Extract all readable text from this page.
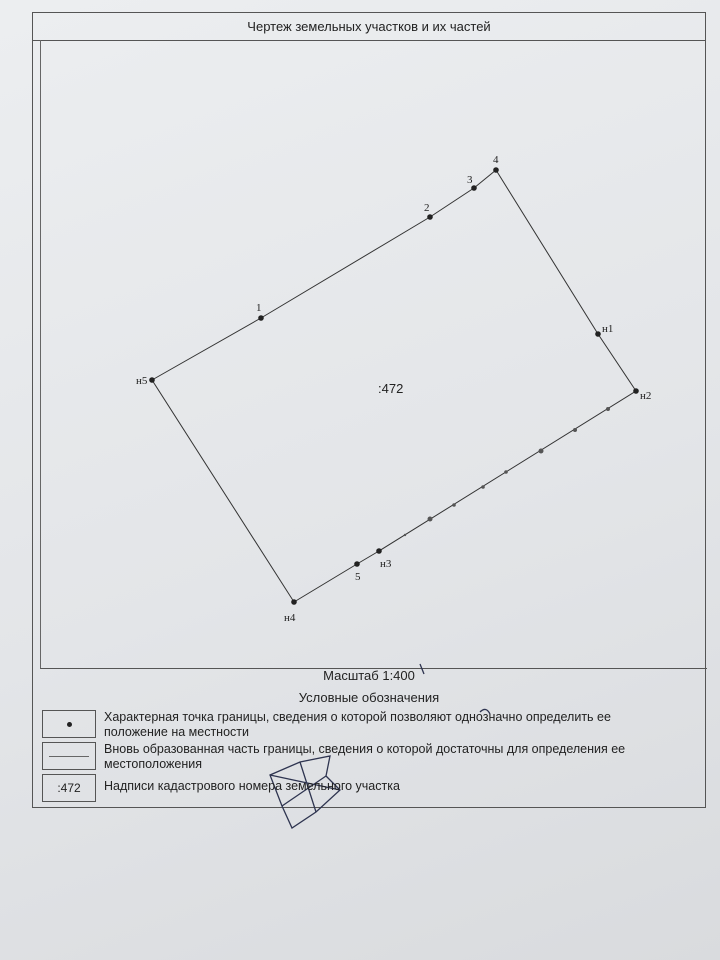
Чертеж земельных участков и их частей
1
2
3
4
н1
н2
н3
5
н4
н5	:472
Масштаб 1:400
Условные обозначения
Характерная точка границы, сведения о которой позволяют однозначно определить ее положение на местности
Вновь образованная часть границы, сведения о которой достаточны для определения ее местоположения
:472	Надписи кадастрового номера земельного участка
